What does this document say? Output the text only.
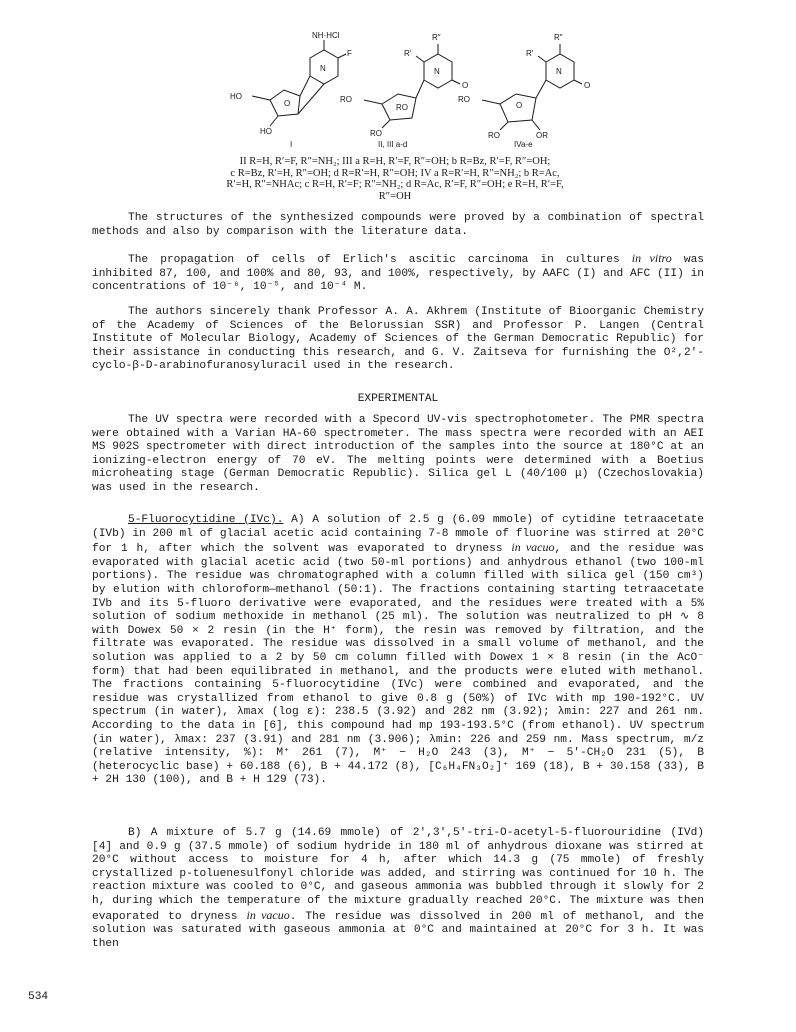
NH·HCl
F
N
O
HO
HO
R″
R′
N
O
RO
RO
RO
R″
R′
N
O
RO
O
RO	OR
I	II, III a-d	IVa-e
II R=H, R′=F, R″=NH₂; III a R=H, R′=F, R″=OH; b R=Bz, R′=F, R″=OH;
c R=Bz, R′=H, R″=OH; d R=R′=H, R″=OH; IV a R=R′=H, R″=NH₂; b R=Ac,
R′=H, R″=NHAc; c R=H, R′=F; R″=NH₂; d R=Ac, R′=F, R″=OH; e R=H, R′=F,
R″=OH

The structures of the synthesized compounds were proved by a combination of spectral methods and also by comparison with the literature data.

The propagation of cells of Erlich's ascitic carcinoma in cultures in vitro was inhibited 87, 100, and 100% and 80, 93, and 100%, respectively, by AAFC (I) and AFC (II) in concentrations of 10⁻⁶, 10⁻⁵, and 10⁻⁴ M.

The authors sincerely thank Professor A. A. Akhrem (Institute of Bioorganic Chemistry of the Academy of Sciences of the Belorussian SSR) and Professor P. Langen (Central Institute of Molecular Biology, Academy of Sciences of the German Democratic Republic) for their assistance in conducting this research, and G. V. Zaitseva for furnishing the O²,2′-cyclo-β-D-arabinofuranosyluracil used in the research.

EXPERIMENTAL

The UV spectra were recorded with a Specord UV-vis spectrophotometer. The PMR spectra were obtained with a Varian HA-60 spectrometer. The mass spectra were recorded with an AEI MS 902S spectrometer with direct introduction of the samples into the source at 180°C at an ionizing-electron energy of 70 eV. The melting points were determined with a Boetius microheating stage (German Democratic Republic). Silica gel L (40/100 μ) (Czechoslovakia) was used in the research.

5-Fluorocytidine (IVc). A) A solution of 2.5 g (6.09 mmole) of cytidine tetraacetate (IVb) in 200 ml of glacial acetic acid containing 7-8 mmole of fluorine was stirred at 20°C for 1 h, after which the solvent was evaporated to dryness in vacuo, and the residue was evaporated with glacial acetic acid (two 50-ml portions) and anhydrous ethanol (two 100-ml portions). The residue was chromatographed with a column filled with silica gel (150 cm³) by elution with chloroform—methanol (50:1). The fractions containing starting tetraacetate IVb and its 5-fluoro derivative were evaporated, and the residues were treated with a 5% solution of sodium methoxide in methanol (25 ml). The solution was neutralized to pH ∿ 8 with Dowex 50 × 2 resin (in the H⁺ form), the resin was removed by filtration, and the filtrate was evaporated. The residue was dissolved in a small volume of methanol, and the solution was applied to a 2 by 50 cm column filled with Dowex 1 × 8 resin (in the AcO⁻ form) that had been equilibrated in methanol, and the products were eluted with methanol. The fractions containing 5-fluorocytidine (IVc) were combined and evaporated, and the residue was crystallized from ethanol to give 0.8 g (50%) of IVc with mp 190-192°C. UV spectrum (in water), λmax (log ε): 238.5 (3.92) and 282 nm (3.92); λmin: 227 and 261 nm. According to the data in [6], this compound had mp 193-193.5°C (from ethanol). UV spectrum (in water), λmax: 237 (3.91) and 281 nm (3.906); λmin: 226 and 259 nm. Mass spectrum, m/z (relative intensity, %): M⁺ 261 (7), M⁺ − H₂O 243 (3), M⁺ − 5′-CH₂O 231 (5), B (heterocyclic base) + 60.188 (6), B + 44.172 (8), [C₆H₄FN₃O₂]⁺ 169 (18), B + 30.158 (33), B + 2H 130 (100), and B + H 129 (73).

B) A mixture of 5.7 g (14.69 mmole) of 2′,3′,5′-tri-O-acetyl-5-fluorouridine (IVd) [4] and 0.9 g (37.5 mmole) of sodium hydride in 180 ml of anhydrous dioxane was stirred at 20°C without access to moisture for 4 h, after which 14.3 g (75 mmole) of freshly crystallized p-toluenesulfonyl chloride was added, and stirring was continued for 10 h. The reaction mixture was cooled to 0°C, and gaseous ammonia was bubbled through it slowly for 2 h, during which the temperature of the mixture gradually reached 20°C. The mixture was then evaporated to dryness in vacuo. The residue was dissolved in 200 ml of methanol, and the solution was saturated with gaseous ammonia at 0°C and maintained at 20°C for 3 h. It was then

534
